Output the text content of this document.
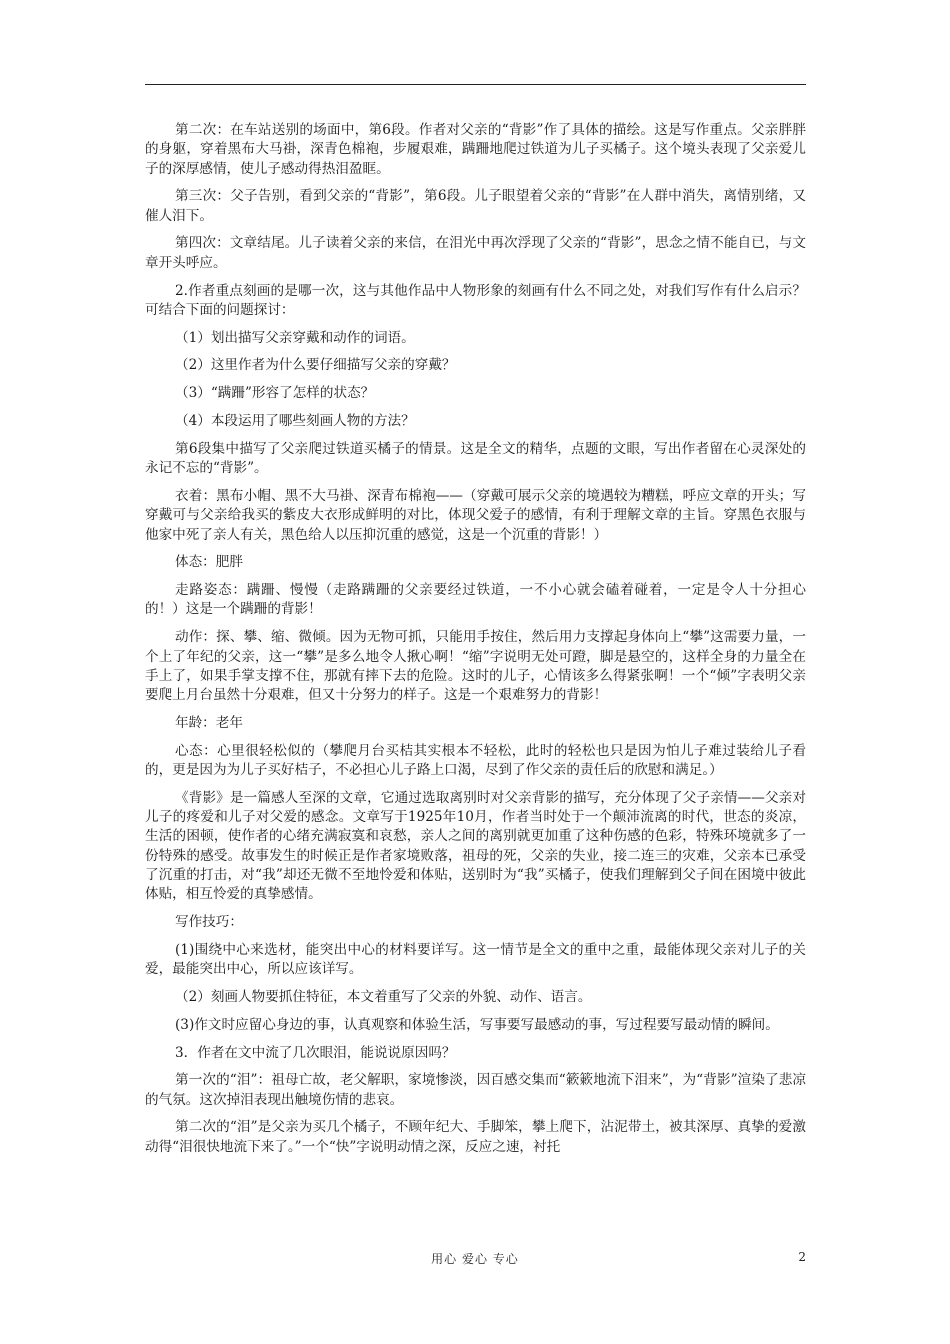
第二次：在车站送别的场面中，第6段。作者对父亲的“背影”作了具体的描绘。这是写作重点。父亲胖胖的身躯，穿着黑布大马褂，深青色棉袍，步履艰难，蹒跚地爬过铁道为儿子买橘子。这个境头表现了父亲爱儿子的深厚感情，使儿子感动得热泪盈眶。

第三次：父子告别，看到父亲的“背影”，第6段。儿子眼望着父亲的“背影”在人群中消失，离情别绪，又催人泪下。

第四次：文章结尾。儿子读着父亲的来信，在泪光中再次浮现了父亲的“背影”，思念之情不能自已，与文章开头呼应。

2.作者重点刻画的是哪一次，这与其他作品中人物形象的刻画有什么不同之处，对我们写作有什么启示？可结合下面的问题探讨：

（1）划出描写父亲穿戴和动作的词语。

（2）这里作者为什么要仔细描写父亲的穿戴？

（3）“蹒跚”形容了怎样的状态？

（4）本段运用了哪些刻画人物的方法？

第6段集中描写了父亲爬过铁道买橘子的情景。这是全文的精华，点题的文眼，写出作者留在心灵深处的永记不忘的“背影”。

衣着：黑布小帽、黑不大马褂、深青布棉袍——（穿戴可展示父亲的境遇较为糟糕，呼应文章的开头；写穿戴可与父亲给我买的紫皮大衣形成鲜明的对比，体现父爱子的感情，有利于理解文章的主旨。穿黑色衣服与他家中死了亲人有关，黑色给人以压抑沉重的感觉，这是一个沉重的背影！）

体态：肥胖

走路姿态：蹒跚、慢慢（走路蹒跚的父亲要经过铁道，一不小心就会磕着碰着，一定是令人十分担心的！）这是一个蹒跚的背影！

动作：探、攀、缩、微倾。因为无物可抓，只能用手按住，然后用力支撑起身体向上“攀”这需要力量，一个上了年纪的父亲，这一“攀”是多么地令人揪心啊！“缩”字说明无处可蹬，脚是悬空的，这样全身的力量全在手上了，如果手掌支撑不住，那就有摔下去的危险。这时的儿子，心情该多么得紧张啊！一个“倾”字表明父亲要爬上月台虽然十分艰难，但又十分努力的样子。这是一个艰难努力的背影！

年龄：老年

心态：心里很轻松似的（攀爬月台买桔其实根本不轻松，此时的轻松也只是因为怕儿子难过装给儿子看的，更是因为为儿子买好桔子，不必担心儿子路上口渴，尽到了作父亲的责任后的欣慰和满足。）

《背影》是一篇感人至深的文章，它通过选取离别时对父亲背影的描写，充分体现了父子亲情——父亲对儿子的疼爱和儿子对父爱的感念。文章写于1925年10月，作者当时处于一个颠沛流离的时代，世态的炎凉，生活的困顿，使作者的心绪充满寂寞和哀愁，亲人之间的离别就更加重了这种伤感的色彩，特殊环境就多了一份特殊的感受。故事发生的时候正是作者家境败落，祖母的死，父亲的失业，接二连三的灾难，父亲本已承受了沉重的打击，对“我”却还无微不至地怜爱和体贴，送别时为“我”买橘子，使我们理解到父子间在困境中彼此体贴，相互怜爱的真挚感情。

写作技巧：

(1)围绕中心来选材，能突出中心的材料要详写。这一情节是全文的重中之重，最能体现父亲对儿子的关爱，最能突出中心，所以应该详写。

（2）刻画人物要抓住特征，本文着重写了父亲的外貌、动作、语言。

(3)作文时应留心身边的事，认真观察和体验生活，写事要写最感动的事，写过程要写最动情的瞬间。

3．作者在文中流了几次眼泪，能说说原因吗？

第一次的“泪”：祖母亡故，老父解职，家境惨淡，因百感交集而“簌簌地流下泪来”，为“背影”渲染了悲凉的气氛。这次掉泪表现出触境伤情的悲哀。

第二次的“泪”是父亲为买几个橘子，不顾年纪大、手脚笨，攀上爬下，沾泥带土，被其深厚、真挚的爱激动得“泪很快地流下来了。”一个“快”字说明动情之深，反应之速，衬托

用心 爱心 专心	2
